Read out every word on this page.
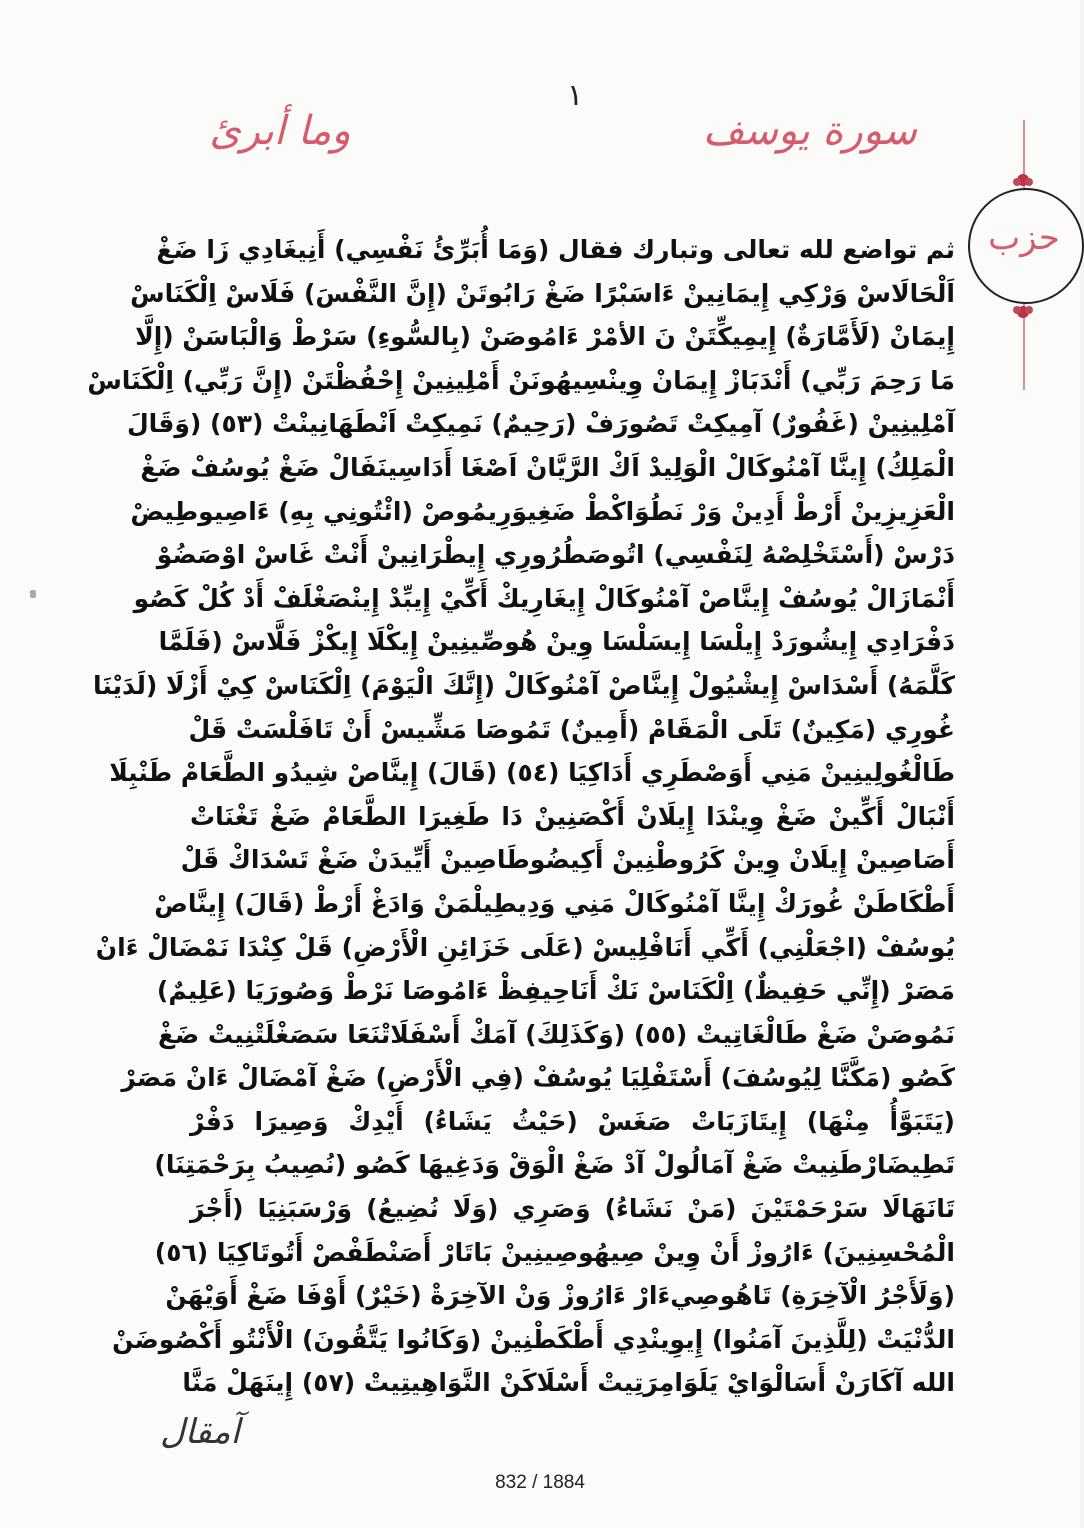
١
سورة يوسف
وما أبرئ
حزب
ثم تواضع لله تعالى وتبارك فقال (وَمَا أُبَرِّئُ نَفْسِي) أَنِيغَادِي زَا ضَغْ
اَلْحَالَاسْ وَرْكِي إِيمَانِينْ ءَاسَبْرًا ضَغْ رَابُوتَنْ (إِنَّ النَّفْسَ) فَلَاسْ اِلْكَنَاسْ
إِيمَانْ (لَأَمَّارَةٌ) إِيمِيكِّتَنْ نَ الأمْرْ ءَامُوصَنْ (بِالسُّوءِ) سَرْطْ وَالْبَاسَنْ (إِلَّا
مَا رَحِمَ رَبِّي) أَنْدَبَازْ إِيمَانْ وِينْسِيهُونَنْ أَمْلِينِينْ إِحْفُظْتَنْ (إِنَّ رَبِّي) اِلْكَنَاسْ
آمْلِينِينْ (غَفُورٌ) آمِيكِتْ تَصُورَفْ (رَحِيمٌ) نَمِيكِتْ اَنْطَهَانِينْتْ (٥٣) (وَقَالَ
الْمَلِكُ) إِينَّا آمْنُوكَالْ الْوَلِيدْ اَكْ الرَّيَّانْ اَصْغَا أَدَاسِينَفَالْ ضَغْ يُوسُفْ ضَغْ
الْعَزِيزِينْ أَرْطْ أَدِينْ وَرْ نَطُوَاكْطْ ضَغِيوَرِيمُوصْ (ائْتُونِي بِهِ) ءَاصِيوطِيضْ
دَرْسْ (أَسْتَخْلِصْهُ لِنَفْسِي) اتُوصَطُرُورِي إِيطْرَانِينْ أَنْتْ غَاسْ اوْصَضُوْ
أَنْمَازَالْ يُوسُفْ إِينَّاصْ آمْنُوكَالْ إِيغَارِيكْ أَكِّيْ إِيبِّدْ إِينْصَغْلَفْ أَدْ كُلْ كَصُو
دَفْرَادِي إِيشُورَدْ إِيلْسَا إِيسَلْسَا وِينْ هُوصِّينِينْ إِيكْلَا إِيكْزْ فَلَّاسْ (فَلَمَّا
كَلَّمَهُ) أَسْدَاسْ إِيشْيُولْ إِينَّاصْ آمْنُوكَالْ (إِنَّكَ الْيَوْمَ) اِلْكَنَاسْ كِيْ أَزْلَا (لَدَيْنَا
غُورِي (مَكِينٌ) تَلَى الْمَقَامْ (أَمِينٌ) تَمُوصَا مَشِّيسْ أَنْ تَافَلْسَتْ قَلْ
طَالْغُولِينِينْ مَنِي أَوَصْطَرِي أَدَاكِيَا (٥٤) (قَالَ) إِينَّاصْ شِيدُو الطَّعَامْ طَنْبِلَا
أَنْبَالْ أَكِّينْ ضَغْ وِينْدَا إِيلَانْ أَكْصَنِينْ دَا طَغِيرَا الطَّعَامْ ضَغْ تَغْنَاتْ
أَصَاصِينْ إِيلَانْ وِينْ كَرُوطْنِينْ أَكِيضُوطَاصِينْ أَيِّيدَنْ ضَغْ تَسْدَاكْ قَلْ
أَطْكَاطَنْ غُورَكْ إِينَّا آمْنُوكَالْ مَنِي وَدِيطِيلْمَنْ وَادَغْ أَرْطْ (قَالَ) إِينَّاصْ
يُوسُفْ (اجْعَلْنِي) أَكِّي أَنَافْلِيسْ (عَلَى خَزَائِنِ الْأَرْضِ) قَلْ كِنْدَا نَمْضَالْ ءَانْ
مَصَرْ (إِنِّي حَفِيظٌ) اِلْكَنَاسْ نَكْ أَنَاحِيفِظْ ءَامُوصَا نَرْطْ وَصُورَيَا (عَلِيمٌ)
نَمُوصَنْ ضَغْ طَالْغَاتِيتْ (٥٥) (وَكَذَلِكَ) آمَكْ أَسْفَلَاتْنَعَا سَصَغْلَتْنِيتْ ضَغْ
كَصُو (مَكَّنَّا لِيُوسُفَ) أَسْتَفْلِيَا يُوسُفْ (فِي الْأَرْضِ) ضَغْ آمْضَالْ ءَانْ مَصَرْ
(يَتَبَوَّأُ مِنْهَا) إِيتَازَبَاتْ صَغَسْ (حَيْثُ يَشَاءُ) أَيْدِكْ وَصِيرَا دَفْرْ
تَطِيضَارْطَنِيتْ ضَغْ آمَالُولْ آدْ ضَغْ الْوَقْ وَدَغِيهَا كَصُو (نُصِيبُ بِرَحْمَتِنَا)
تَانَهَالَا سَرْحَمْتَيْنَ (مَنْ نَشَاءُ) وَصَرِي (وَلَا نُضِيعُ) وَرْسَبَنِيَا (أَجْرَ
الْمُحْسِنِينَ) ءَارُوزْ أَنْ وِينْ صِيهُوصِينِينْ بَاتَارْ أَصَنْطَفْصْ أَتُوتَاكِيَا (٥٦)
(وَلَأَجْرُ الْآخِرَةِ) تَاهُوصِيءَارْ ءَارُوزْ وَنْ الآخِرَةْ (خَيْرٌ) أَوْفَا ضَغْ أَوَيْهَنْ
الدُّنْيَتْ (لِلَّذِينَ آمَنُوا) إِيوِينْدِي أَطْكَطْنِينْ (وَكَانُوا يَتَّقُونَ) الْأَنْتُو أَكْصُوضَنْ
الله آكَارَنْ أَسَالْوَايْ يَلَوَامِرَتِيتْ أَسْلَاكَنْ النَّوَاهِيتِيتْ (٥٧) إِينَهَلْ مَنَّا
آمقال
832 / 1884
